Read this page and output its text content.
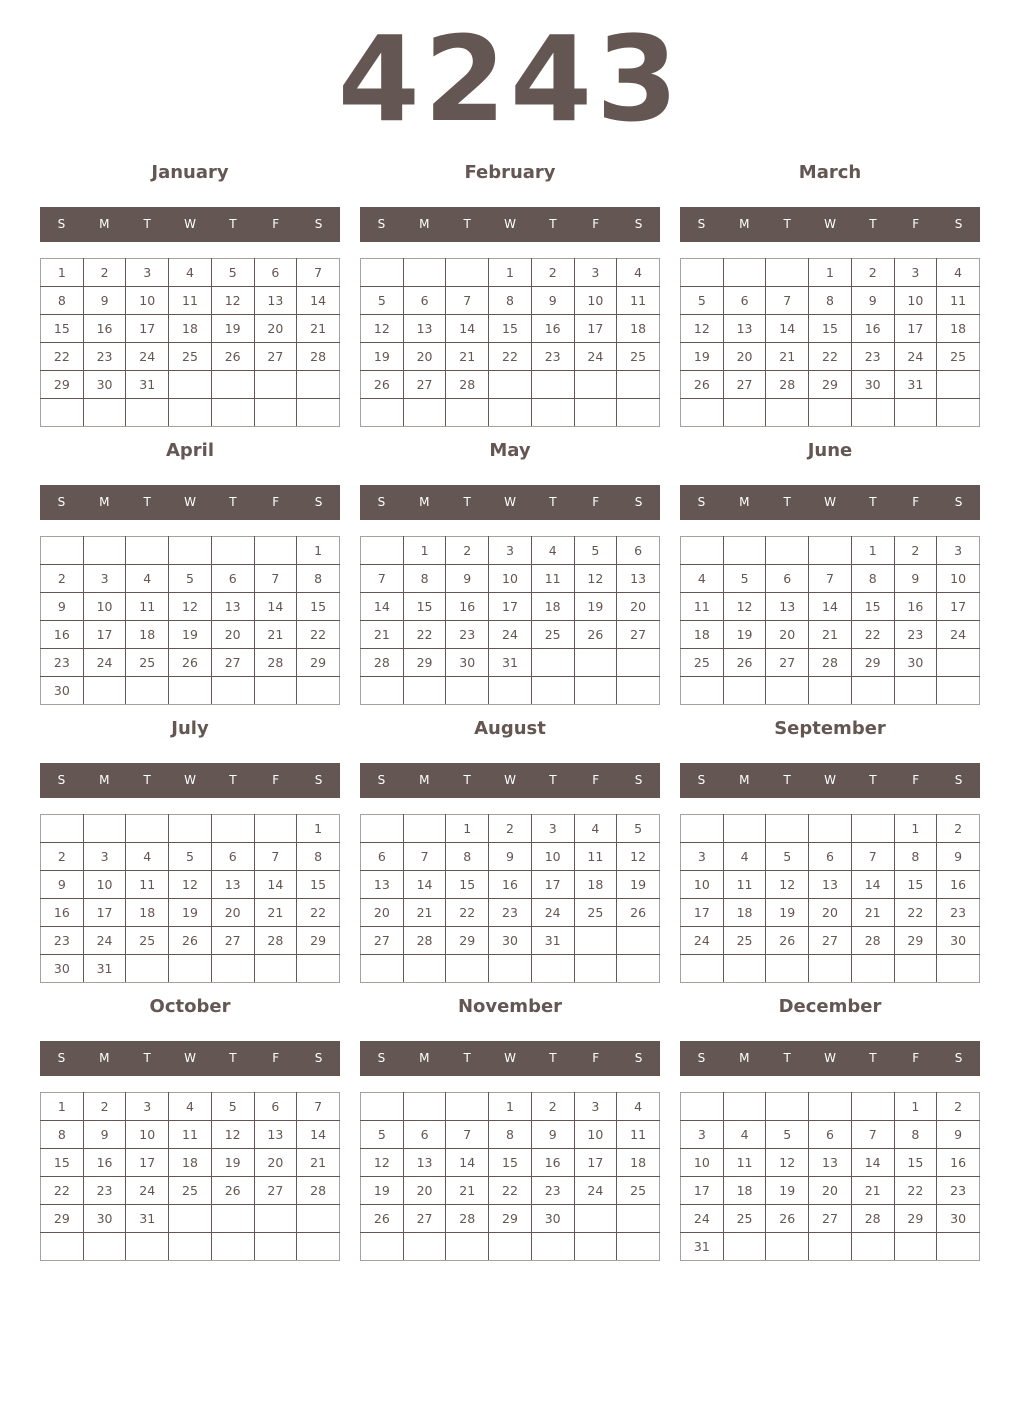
4243
January
S	M	T	W	T	F	S
1	2	3	4	5	6	7
8	9	10	11	12	13	14
15	16	17	18	19	20	21
22	23	24	25	26	27	28
29	30	31				

February
S	M	T	W	T	F	S
			1	2	3	4
5	6	7	8	9	10	11
12	13	14	15	16	17	18
19	20	21	22	23	24	25
26	27	28				

March
S	M	T	W	T	F	S
			1	2	3	4
5	6	7	8	9	10	11
12	13	14	15	16	17	18
19	20	21	22	23	24	25
26	27	28	29	30	31	

April
S	M	T	W	T	F	S
						1
2	3	4	5	6	7	8
9	10	11	12	13	14	15
16	17	18	19	20	21	22
23	24	25	26	27	28	29
30						
May
S	M	T	W	T	F	S
	1	2	3	4	5	6
7	8	9	10	11	12	13
14	15	16	17	18	19	20
21	22	23	24	25	26	27
28	29	30	31			

June
S	M	T	W	T	F	S
				1	2	3
4	5	6	7	8	9	10
11	12	13	14	15	16	17
18	19	20	21	22	23	24
25	26	27	28	29	30	

July
S	M	T	W	T	F	S
						1
2	3	4	5	6	7	8
9	10	11	12	13	14	15
16	17	18	19	20	21	22
23	24	25	26	27	28	29
30	31					
August
S	M	T	W	T	F	S
		1	2	3	4	5
6	7	8	9	10	11	12
13	14	15	16	17	18	19
20	21	22	23	24	25	26
27	28	29	30	31		

September
S	M	T	W	T	F	S
					1	2
3	4	5	6	7	8	9
10	11	12	13	14	15	16
17	18	19	20	21	22	23
24	25	26	27	28	29	30

October
S	M	T	W	T	F	S
1	2	3	4	5	6	7
8	9	10	11	12	13	14
15	16	17	18	19	20	21
22	23	24	25	26	27	28
29	30	31				

November
S	M	T	W	T	F	S
			1	2	3	4
5	6	7	8	9	10	11
12	13	14	15	16	17	18
19	20	21	22	23	24	25
26	27	28	29	30		

December
S	M	T	W	T	F	S
					1	2
3	4	5	6	7	8	9
10	11	12	13	14	15	16
17	18	19	20	21	22	23
24	25	26	27	28	29	30
31						
